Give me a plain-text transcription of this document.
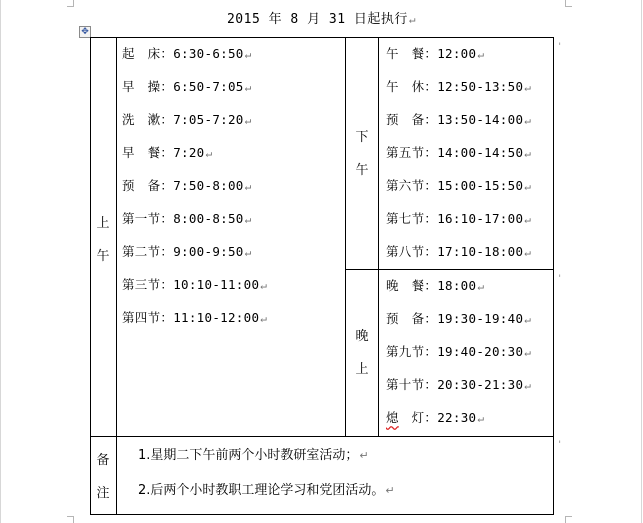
✥
2015 年 8 月 31 日起执行↵
'
'
'
上
午
起　床：6:30-6:50↵
早　操：6:50-7:05↵
洗　漱：7:05-7:20↵
早　餐：7:20↵
预　备：7:50-8:00↵
第一节：8:00-8:50↵
第二节：9:00-9:50↵
第三节：10:10-11:00↵
第四节：11:10-12:00↵
下
午
午　餐：12:00↵
午　休：12:50-13:50↵
预　备：13:50-14:00↵
第五节：14:00-14:50↵
第六节：15:00-15:50↵
第七节：16:10-17:00↵
第八节：17:10-18:00↵
晚
上
晚　餐：18:00↵
预　备：19:30-19:40↵
第九节：19:40-20:30↵
第十节：20:30-21:30↵
熄　灯：22:30↵
备
注
1.星期二下午前两个小时教研室活动；↵
2.后两个小时教职工理论学习和党团活动。↵
